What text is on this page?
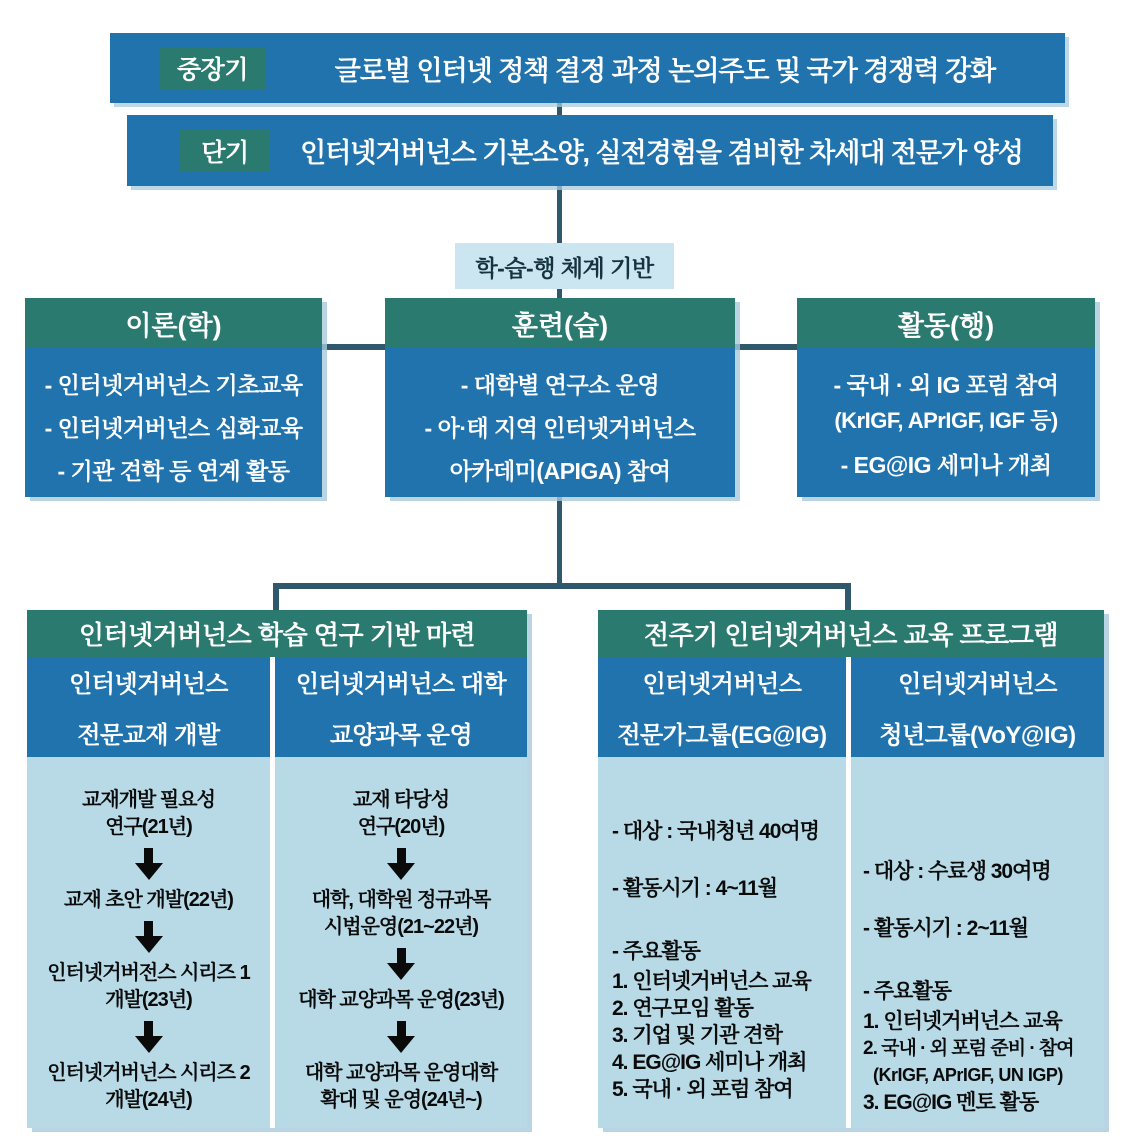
중장기	글로벌 인터넷 정책 결정 과정 논의주도 및 국가 경쟁력 강화
단기	인터넷거버넌스 기본소양, 실전경험을 겸비한 차세대 전문가 양성
학-습-행 체계 기반
이론(학)
- 인터넷거버넌스 기초교육
- 인터넷거버넌스 심화교육
- 기관 견학 등 연계 활동
훈련(습)
- 대학별 연구소 운영
- 아·태 지역 인터넷거버넌스
아카데미(APIGA) 참여
활동(행)
- 국내 · 외 IG 포럼 참여
(KrIGF, APrIGF, IGF 등)
- EG@IG 세미나 개최
인터넷거버넌스 학습 연구 기반 마련
인터넷거버넌스
전문교재 개발
교재개발 필요성
연구(21년)
교재 초안 개발(22년)
인터넷거버전스 시리즈 1
개발(23년)
인터넷거버넌스 시리즈 2
개발(24년)
인터넷거버넌스 대학
교양과목 운영
교재 타당성
연구(20년)
대학, 대학원 정규과목
시법운영(21~22년)
대학 교양과목 운영(23년)
대학 교양과목 운영대학
확대 및 운영(24년~)
전주기 인터넷거버넌스 교육 프로그램
인터넷거버넌스
전문가그룹(EG@IG)
- 대상 : 국내청년 40여명
- 활동시기 : 4~11월
- 주요활동
1. 인터넷거버넌스 교육
2. 연구모임 활동
3. 기업 및 기관 견학
4. EG@IG 세미나 개최
5. 국내 · 외 포럼 참여
인터넷거버넌스
청년그룹(VoY@IG)
- 대상 : 수료생 30여명
- 활동시기 : 2~11월
- 주요활동
1. 인터넷거버넌스 교육
2. 국내 · 외 포럼 준비 · 참여
(KrIGF, APrIGF, UN IGP)
3. EG@IG 멘토 활동
